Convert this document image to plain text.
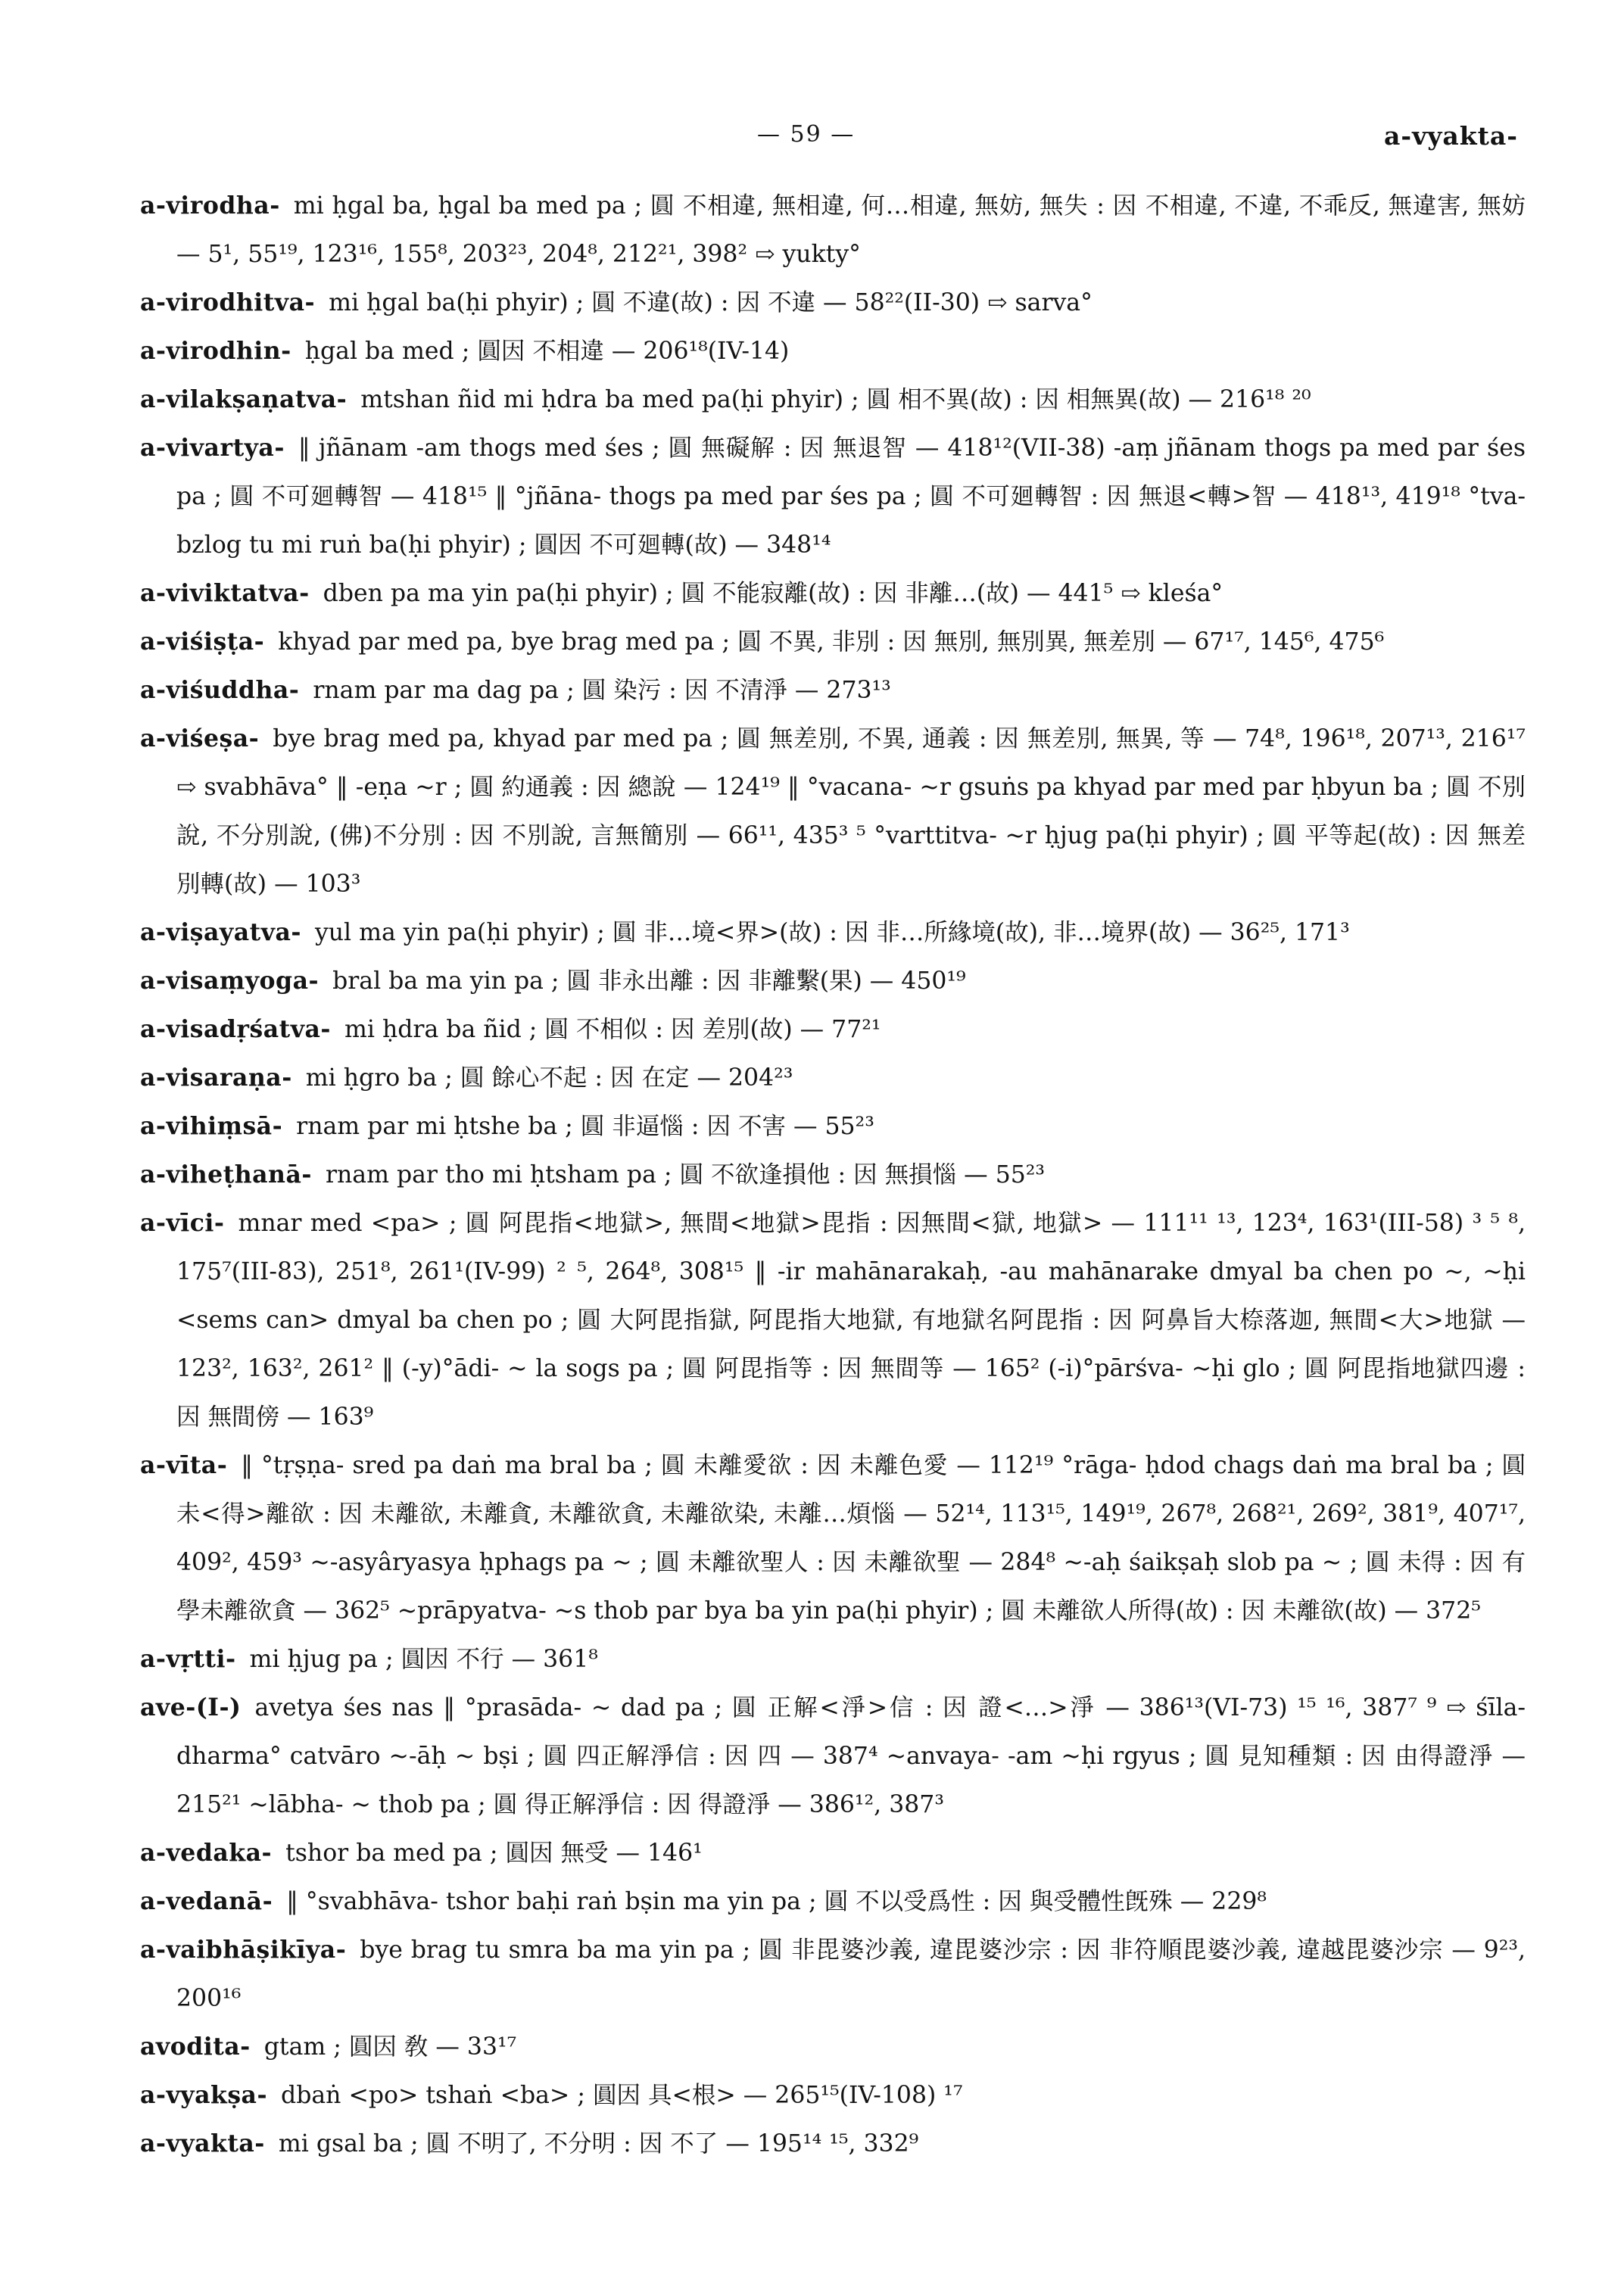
— 59 —	a-vyakta-
a-virodha- mi ḥgal ba, ḥgal ba med pa ; 圓 不相違, 無相違, 何…相違, 無妨, 無失 : 因 不相違, 不違, 不乖反, 無違害, 無妨 — 5¹, 55¹⁹, 123¹⁶, 155⁸, 203²³, 204⁸, 212²¹, 398² ⇨ yukty°
a-virodhitva- mi ḥgal ba(ḥi phyir) ; 圓 不違(故) : 因 不違 — 58²²(II-30) ⇨ sarva°
a-virodhin- ḥgal ba med ; 圓因 不相違 — 206¹⁸(IV-14)
a-vilakṣaṇatva- mtshan ñid mi ḥdra ba med pa(ḥi phyir) ; 圓 相不異(故) : 因 相無異(故) — 216¹⁸ ²⁰
a-vivartya- ‖ jñānam -am thogs med śes ; 圓 無礙解 : 因 無退智 — 418¹²(VII-38) -aṃ jñānam thogs pa med par śes pa ; 圓 不可廻轉智 — 418¹⁵ ‖ °jñāna- thogs pa med par śes pa ; 圓 不可廻轉智 : 因 無退<轉>智 — 418¹³, 419¹⁸ °tva- bzlog tu mi ruṅ ba(ḥi phyir) ; 圓因 不可廻轉(故) — 348¹⁴
a-viviktatva- dben pa ma yin pa(ḥi phyir) ; 圓 不能寂離(故) : 因 非離…(故) — 441⁵ ⇨ kleśa°
a-viśiṣṭa- khyad par med pa, bye brag med pa ; 圓 不異, 非別 : 因 無別, 無別異, 無差別 — 67¹⁷, 145⁶, 475⁶
a-viśuddha- rnam par ma dag pa ; 圓 染污 : 因 不清淨 — 273¹³
a-viśeṣa- bye brag med pa, khyad par med pa ; 圓 無差別, 不異, 通義 : 因 無差別, 無異, 等 — 74⁸, 196¹⁸, 207¹³, 216¹⁷ ⇨ svabhāva° ‖ -eṇa ~r ; 圓 約通義 : 因 總說 — 124¹⁹ ‖ °vacana- ~r gsuṅs pa khyad par med par ḥbyun ba ; 圓 不別說, 不分別說, (佛)不分別 : 因 不別說, 言無簡別 — 66¹¹, 435³ ⁵ °varttitva- ~r ḥjug pa(ḥi phyir) ; 圓 平等起(故) : 因 無差別轉(故) — 103³
a-viṣayatva- yul ma yin pa(ḥi phyir) ; 圓 非…境<界>(故) : 因 非…所緣境(故), 非…境界(故) — 36²⁵, 171³
a-visaṃyoga- bral ba ma yin pa ; 圓 非永出離 : 因 非離繫(果) — 450¹⁹
a-visadṛśatva- mi ḥdra ba ñid ; 圓 不相似 : 因 差別(故) — 77²¹
a-visaraṇa- mi ḥgro ba ; 圓 餘心不起 : 因 在定 — 204²³
a-vihiṃsā- rnam par mi ḥtshe ba ; 圓 非逼惱 : 因 不害 — 55²³
a-viheṭhanā- rnam par tho mi ḥtsham pa ; 圓 不欲逢損他 : 因 無損惱 — 55²³
a-vīci- mnar med <pa> ; 圓 阿毘指<地獄>, 無間<地獄>毘指 : 因無間<獄, 地獄> — 111¹¹ ¹³, 123⁴, 163¹(III-58) ³ ⁵ ⁸, 175⁷(III-83), 251⁸, 261¹(IV-99) ² ⁵, 264⁸, 308¹⁵ ‖ -ir mahānarakaḥ, -au mahānarake dmyal ba chen po ~, ~ḥi <sems can> dmyal ba chen po ; 圓 大阿毘指獄, 阿毘指大地獄, 有地獄名阿毘指 : 因 阿鼻旨大㮈落迦, 無間<大>地獄 — 123², 163², 261² ‖ (-y)°ādi- ~ la sogs pa ; 圓 阿毘指等 : 因 無間等 — 165² (-i)°pārśva- ~ḥi glo ; 圓 阿毘指地獄四邊 : 因 無間傍 — 163⁹
a-vīta- ‖ °tṛṣṇa- sred pa daṅ ma bral ba ; 圓 未離愛欲 : 因 未離色愛 — 112¹⁹ °rāga- ḥdod chags daṅ ma bral ba ; 圓 未<得>離欲 : 因 未離欲, 未離貪, 未離欲貪, 未離欲染, 未離…煩惱 — 52¹⁴, 113¹⁵, 149¹⁹, 267⁸, 268²¹, 269², 381⁹, 407¹⁷, 409², 459³ ~-asyâryasya ḥphags pa ~ ; 圓 未離欲聖人 : 因 未離欲聖 — 284⁸ ~-aḥ śaikṣaḥ slob pa ~ ; 圓 未得 : 因 有學未離欲貪 — 362⁵ ~prāpyatva- ~s thob par bya ba yin pa(ḥi phyir) ; 圓 未離欲人所得(故) : 因 未離欲(故) — 372⁵
a-vṛtti- mi ḥjug pa ; 圓因 不行 — 361⁸
ave-(I-) avetya śes nas ‖ °prasāda- ~ dad pa ; 圓 正解<淨>信 : 因 證<…>淨 — 386¹³(VI-73) ¹⁵ ¹⁶, 387⁷ ⁹ ⇨ śīla-dharma° catvāro ~-āḥ ~ bṣi ; 圓 四正解淨信 : 因 四 — 387⁴ ~anvaya- -am ~ḥi rgyus ; 圓 見知種類 : 因 由得證淨 — 215²¹ ~lābha- ~ thob pa ; 圓 得正解淨信 : 因 得證淨 — 386¹², 387³
a-vedaka- tshor ba med pa ; 圓因 無受 — 146¹
a-vedanā- ‖ °svabhāva- tshor baḥi raṅ bṣin ma yin pa ; 圓 不以受爲性 : 因 與受體性旣殊 — 229⁸
a-vaibhāṣikīya- bye brag tu smra ba ma yin pa ; 圓 非毘婆沙義, 違毘婆沙宗 : 因 非符順毘婆沙義, 違越毘婆沙宗 — 9²³, 200¹⁶
avodita- gtam ; 圓因 敎 — 33¹⁷
a-vyakṣa- dbaṅ <po> tshaṅ <ba> ; 圓因 具<根> — 265¹⁵(IV-108) ¹⁷
a-vyakta- mi gsal ba ; 圓 不明了, 不分明 : 因 不了 — 195¹⁴ ¹⁵, 332⁹
